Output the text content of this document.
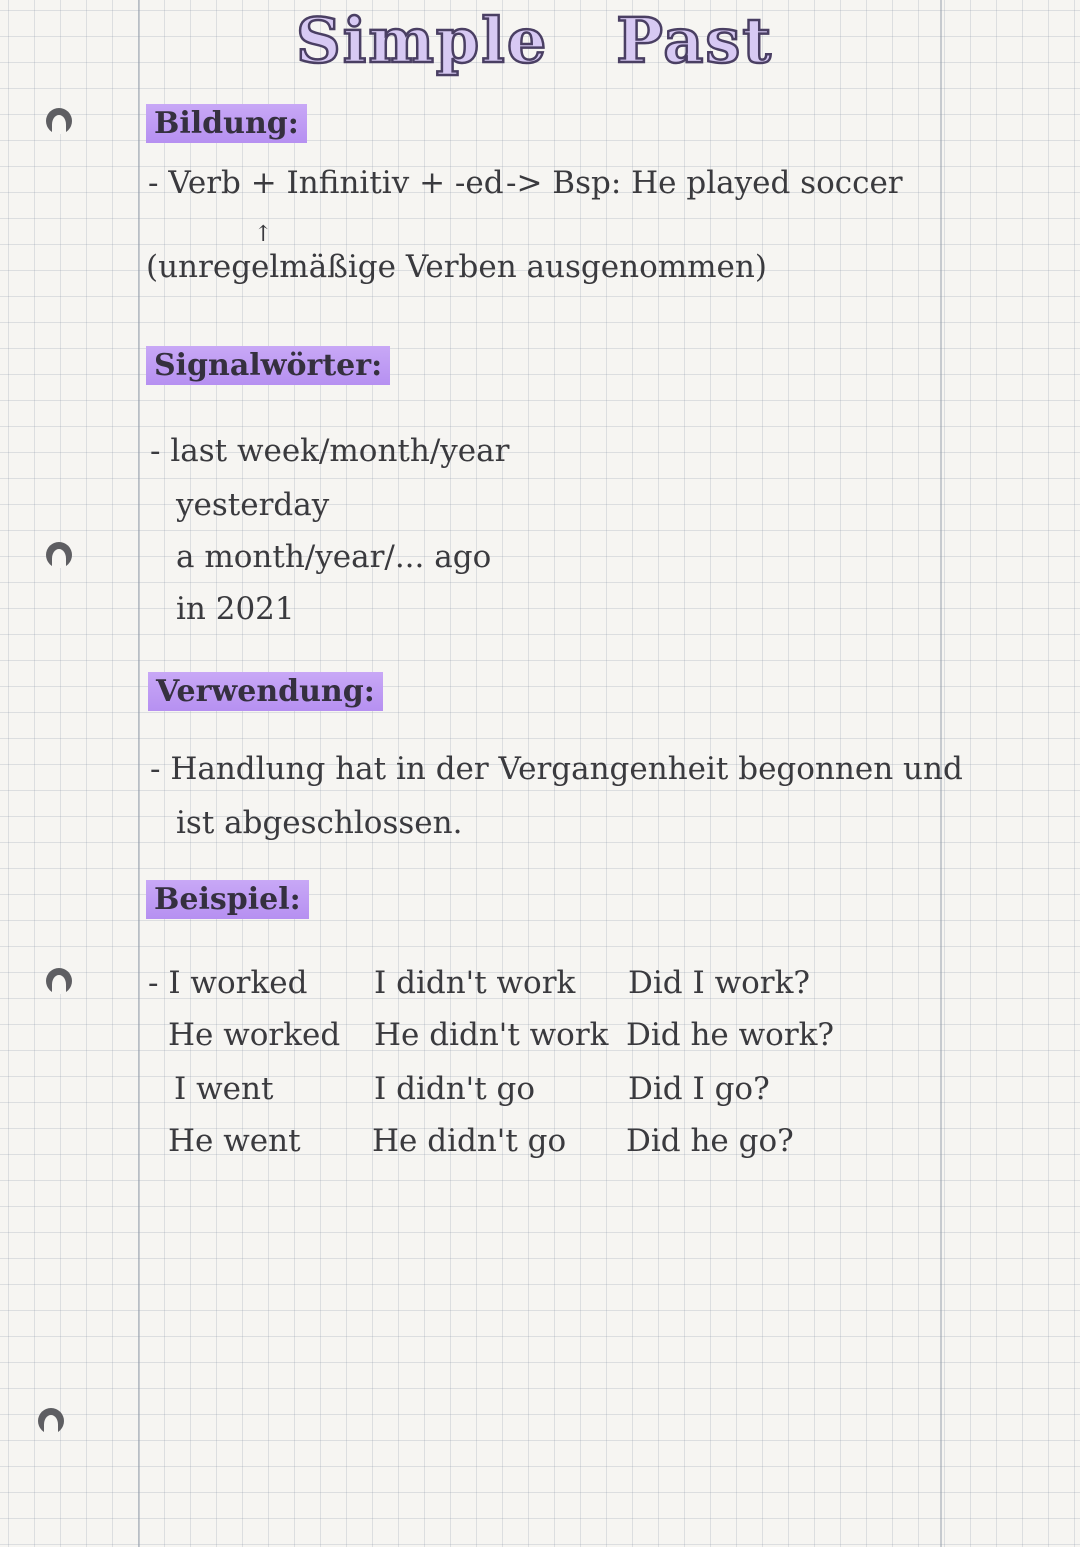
Simple Past
Bildung:
- Verb + Infinitiv + -ed -> Bsp: He played soccer
↑
(unregelmäßige Verben ausgenommen)
Signalwörter:
- last week/month/year
yesterday
a month/year/... ago
in 2021
Verwendung:
- Handlung hat in der Vergangenheit begonnen und
ist abgeschlossen.
Beispiel:
- I worked I didn't work Did I work?
He worked He didn't work Did he work?
I went	I didn't go	Did I go?
He went He didn't go Did he go?
